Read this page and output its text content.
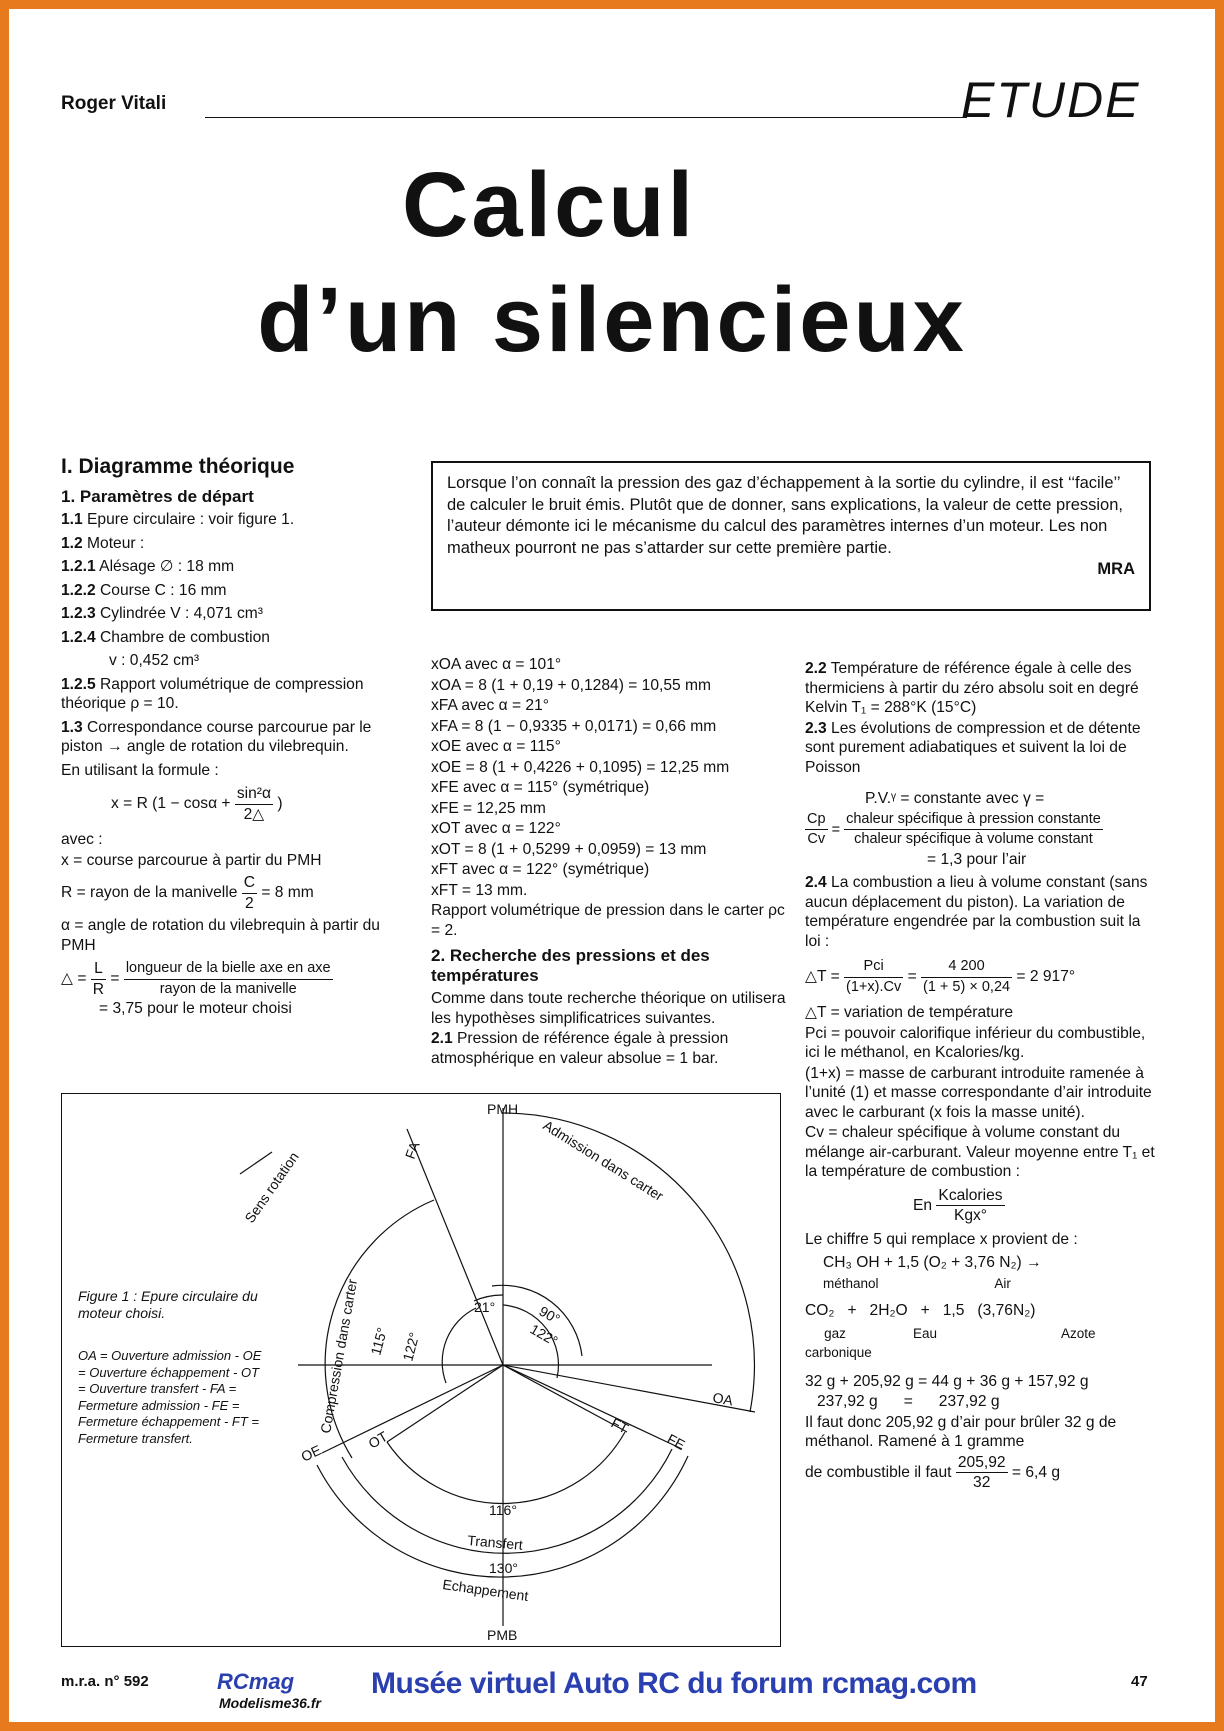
Roger Vitali	ETUDE
Calcul
d’un silencieux
I. Diagramme théorique
1. Paramètres de départ

1.1 Epure circulaire : voir figure 1.

1.2 Moteur :

1.2.1 Alésage ∅ : 18 mm

1.2.2 Course C : 16 mm

1.2.3 Cylindrée V : 4,071 cm³

1.2.4 Chambre de combustion

v : 0,452 cm³

1.2.5 Rapport volumétrique de compression théorique ρ = 10.

1.3 Correspondance course parcourue par le piston → angle de rotation du vilebrequin.

En utilisant la formule :

x = R ($1 - \cos\alpha + \frac{\text{sin²α}}{2\triangle}$ )

avec :

x = course parcourue à partir du PMH

R = rayon de la manivelle $\frac{C}{2} = 8$ mm

α = angle de rotation du vilebrequin à partir du PMH

△ = $\frac{L}{R} = \frac{\text{longueur de la bielle axe en axe}}{\text{rayon de la manivelle}}$

= 3,75 pour le moteur choisi

Lorsque l’on connaît la pression des gaz d’échappement à la sortie du cylindre, il est ‘‘facile’’ de calculer le bruit émis. Plutôt que de donner, sans explications, la valeur de cette pression, l’auteur démonte ici le mécanisme du calcul des paramètres internes d’un moteur. Les non matheux pourront ne pas s’attarder sur cette première partie.
MRA

xOA avec α = 101°

xOA = 8 (1 + 0,19 + 0,1284) = 10,55 mm

xFA avec α = 21°

xFA = 8 (1 − 0,9335 + 0,0171) = 0,66 mm

xOE avec α = 115°

xOE = 8 (1 + 0,4226 + 0,1095) = 12,25 mm

xFE avec α = 115° (symétrique)

xFE = 12,25 mm

xOT avec α = 122°

xOT = 8 (1 + 0,5299 + 0,0959) = 13 mm

xFT avec α = 122° (symétrique)

xFT = 13 mm.

Rapport volumétrique de pression dans le carter ρc = 2.

2. Recherche des pressions et des températures

Comme dans toute recherche théorique on utilisera les hypothèses simplificatrices suivantes.

2.1 Pression de référence égale à pression atmosphérique en valeur absolue = 1 bar.

2.2 Température de référence égale à celle des thermiciens à partir du zéro absolu soit en degré Kelvin T₁ = 288°K (15°C)

2.3 Les évolutions de compression et de détente sont purement adiabatiques et suivent la loi de Poisson

P.V.ᵞ = constante avec γ =

$\frac{Cp}{Cv} = \frac{\text{chaleur spécifique à pression constante}}{\text{chaleur spécifique à volume constant}}$

= 1,3 pour l’air

2.4 La combustion a lieu à volume constant (sans aucun déplacement du piston). La variation de température engendrée par la combustion suit la loi :

△T = $\frac{\text{Pci}}{(1+x).Cv} = \frac{4 200}{(1 + 5) \times 0,24} = 2$ 917°

△T = variation de température

Pci = pouvoir calorifique inférieur du combustible, ici le méthanol, en Kcalories/kg.

(1+x) = masse de carburant introduite ramenée à l’unité (1) et masse correspondante d’air introduite avec le carburant (x fois la masse unité).

Cv = chaleur spécifique à volume constant du mélange air-carburant. Valeur moyenne entre T₁ et la température de combustion :

En $\frac{\text{Kcalories}}{\text{Kgx°}}$

Le chiffre 5 qui remplace x provient de :

CH₃ OH + 1,5 (O₂ + 3,76 N₂) →

méthanol	Air

CO₂   +   2H₂O   +   1,5   (3,76N₂)

gaz carbonique
Eau	Azote

32 g + 205,92 g = 44 g + 36 g + 157,92 g

237,92 g      =      237,92 g

Il faut donc 205,92 g d’air pour brûler 32 g de méthanol. Ramené à 1 gramme

de combustible il faut $\frac{205,92}{32} = 6,4$ g
Figure 1 : Epure circulaire du moteur choisi.
OA = Ouverture admission - OE = Ouverture échappement - OT = Ouverture transfert - FA = Fermeture admission - FE = Fermeture échappement - FT = Fermeture transfert.
PMH
PMB
FA
OA
OE
OT
FT
FE
Sens rotation	Admission dans carter
Compression dans carter
Transfert
Echappement
21°	90°
122°
115° 122°
116°
130°
m.r.a. n° 592	RCmag
Modelisme36.fr
Musée virtuel Auto RC du forum rcmag.com	47
